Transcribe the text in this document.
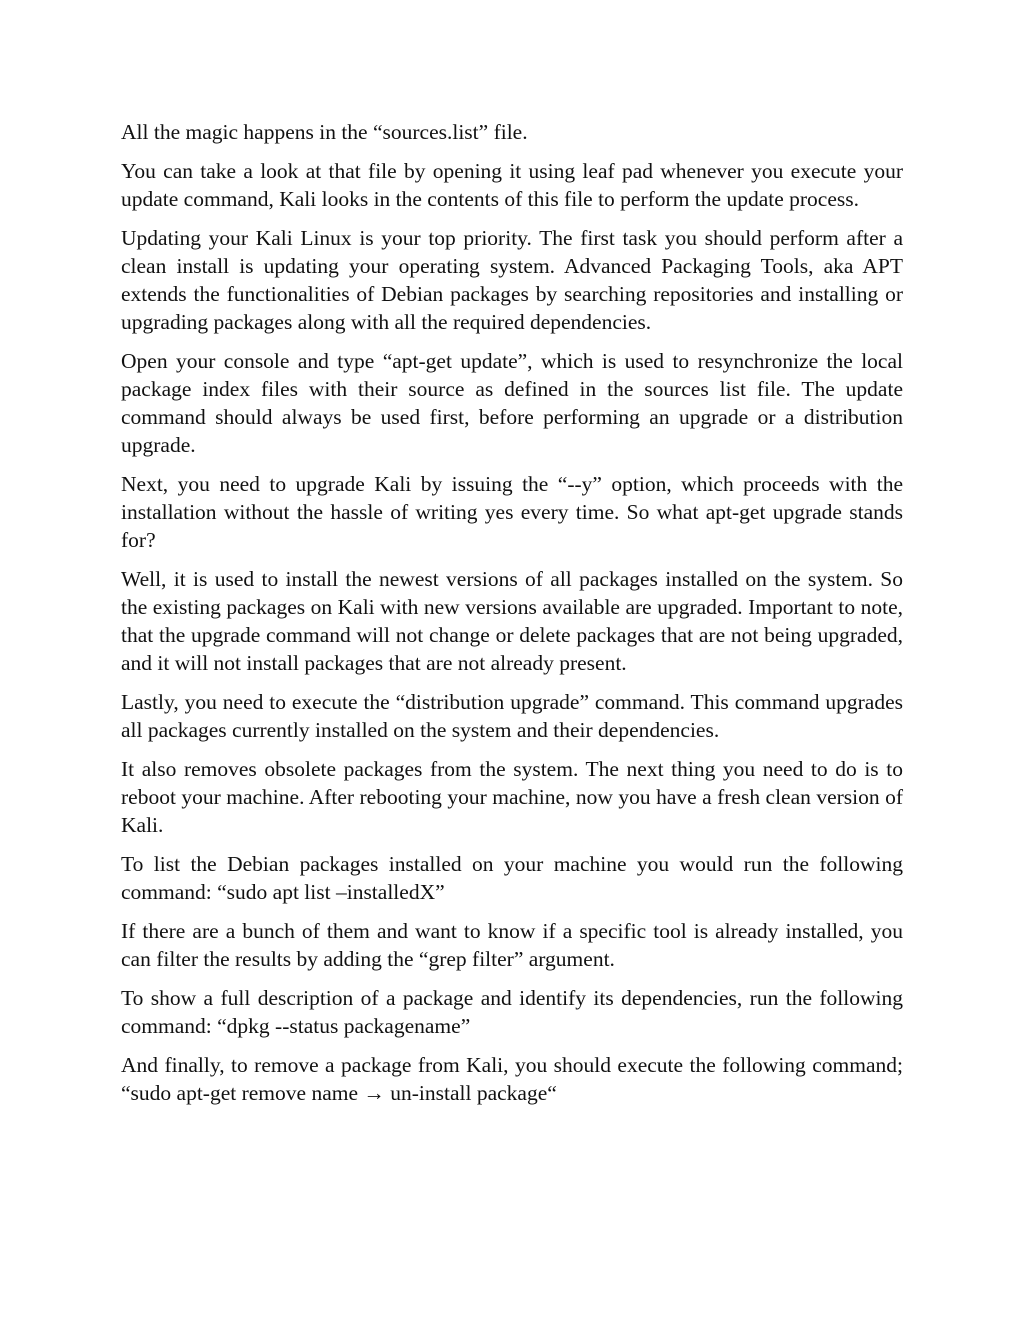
All the magic happens in the “sources.list” file.

You can take a look at that file by opening it using leaf pad whenever you execute your update command, Kali looks in the contents of this file to perform the update process.

Updating your Kali Linux is your top priority. The first task you should perform after a clean install is updating your operating system. Advanced Packaging Tools, aka APT extends the functionalities of Debian packages by searching repositories and installing or upgrading packages along with all the required dependencies.

Open your console and type “apt-get update”, which is used to resynchronize the local package index files with their source as defined in the sources list file. The update command should always be used first, before performing an upgrade or a distribution upgrade.

Next, you need to upgrade Kali by issuing the “--y” option, which proceeds with the installation without the hassle of writing yes every time. So what apt-get upgrade stands for?

Well, it is used to install the newest versions of all packages installed on the system. So the existing packages on Kali with new versions available are upgraded. Important to note, that the upgrade command will not change or delete packages that are not being upgraded, and it will not install packages that are not already present.

Lastly, you need to execute the “distribution upgrade” command. This command upgrades all packages currently installed on the system and their dependencies.

It also removes obsolete packages from the system. The next thing you need to do is to reboot your machine. After rebooting your machine, now you have a fresh clean version of Kali.

To list the Debian packages installed on your machine you would run the following command: “sudo apt list –installedX”

If there are a bunch of them and want to know if a specific tool is already installed, you can filter the results by adding the “grep filter” argument.

To show a full description of a package and identify its dependencies, run the following command: “dpkg --status packagename”

And finally, to remove a package from Kali, you should execute the following command; “sudo apt-get remove name → un-install package“
